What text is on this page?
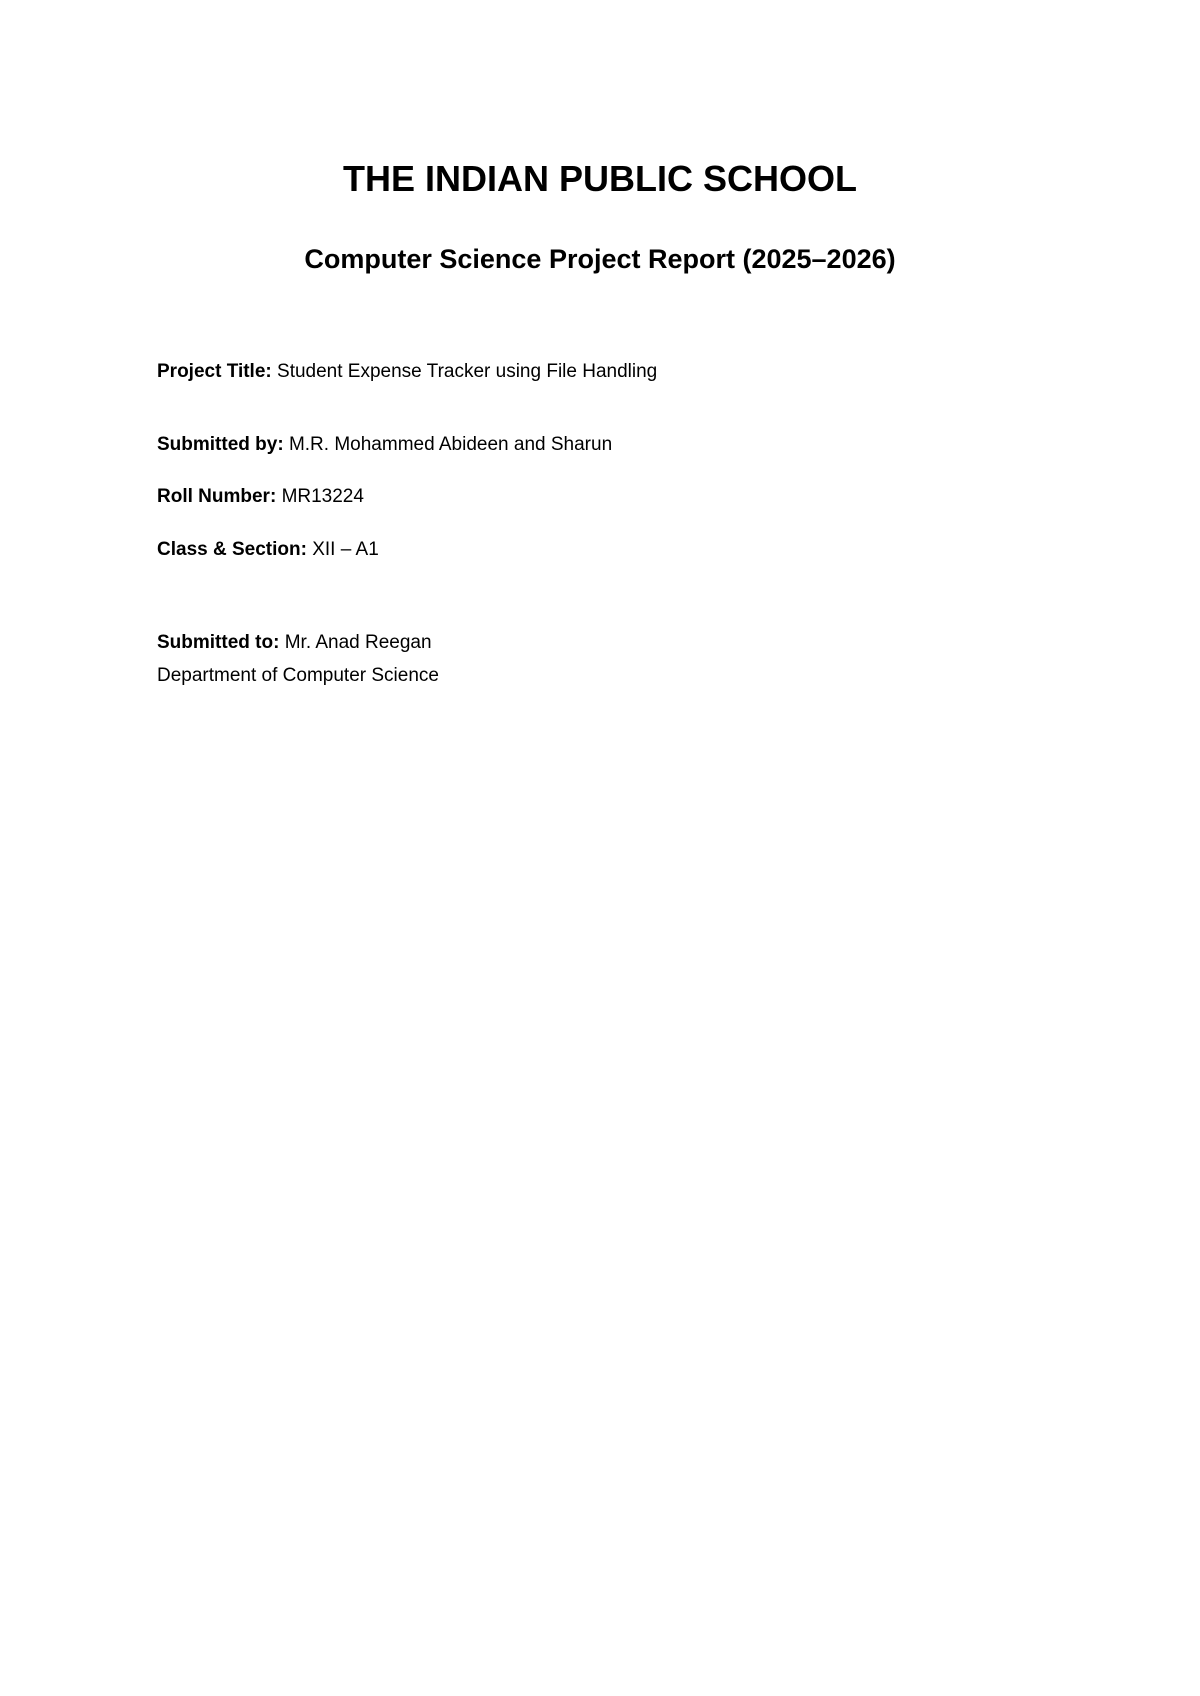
THE INDIAN PUBLIC SCHOOL
Computer Science Project Report (2025–2026)

Project Title: Student Expense Tracker using File Handling

Submitted by: M.R. Mohammed Abideen and Sharun

Roll Number: MR13224

Class & Section: XII – A1

Submitted to: Mr. Anad Reegan

Department of Computer Science
